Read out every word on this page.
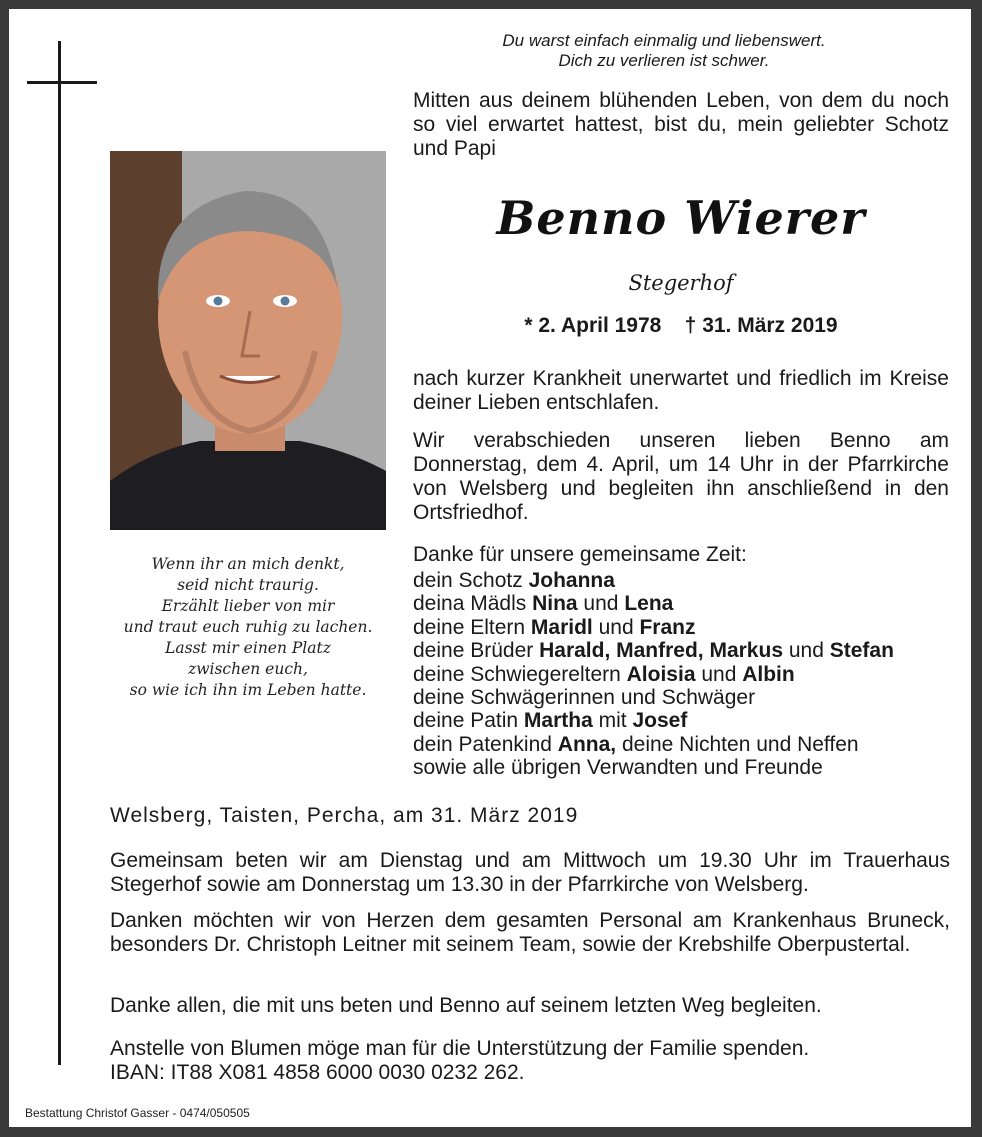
Du warst einfach einmalig und liebenswert.
Dich zu verlieren ist schwer.
Mitten aus deinem blühenden Leben, von dem du noch so viel erwartet hattest, bist du, mein geliebter Schotz und Papi
Benno Wierer
Stegerhof
* 2. April 1978    † 31. März 2019
nach kurzer Krankheit unerwartet und friedlich im Kreise deiner Lieben entschlafen.
Wir verabschieden unseren lieben Benno am Donnerstag, dem 4. April, um 14 Uhr in der Pfarrkirche von Welsberg und begleiten ihn anschließend in den Ortsfriedhof.
Danke für unsere gemeinsame Zeit:
dein Schotz Johanna
deina Mädls Nina und Lena
deine Eltern Maridl und Franz
deine Brüder Harald, Manfred, Markus und Stefan
deine Schwiegereltern Aloisia und Albin
deine Schwägerinnen und Schwäger
deine Patin Martha mit Josef
dein Patenkind Anna, deine Nichten und Neffen
sowie alle übrigen Verwandten und Freunde
Wenn ihr an mich denkt,
seid nicht traurig.
Erzählt lieber von mir
und traut euch ruhig zu lachen.
Lasst mir einen Platz
zwischen euch,
so wie ich ihn im Leben hatte.
Welsberg, Taisten, Percha, am 31. März 2019
Gemeinsam beten wir am Dienstag und am Mittwoch um 19.30 Uhr im Trauerhaus Stegerhof sowie am Donnerstag um 13.30 in der Pfarrkirche von Welsberg.
Danken möchten wir von Herzen dem gesamten Personal am Krankenhaus Bruneck, besonders Dr. Christoph Leitner mit seinem Team, sowie der Krebshilfe Oberpustertal.
Danke allen, die mit uns beten und Benno auf seinem letzten Weg begleiten.
Anstelle von Blumen möge man für die Unterstützung der Familie spenden.
IBAN: IT88 X081 4858 6000 0030 0232 262.
Bestattung Christof Gasser - 0474/050505
